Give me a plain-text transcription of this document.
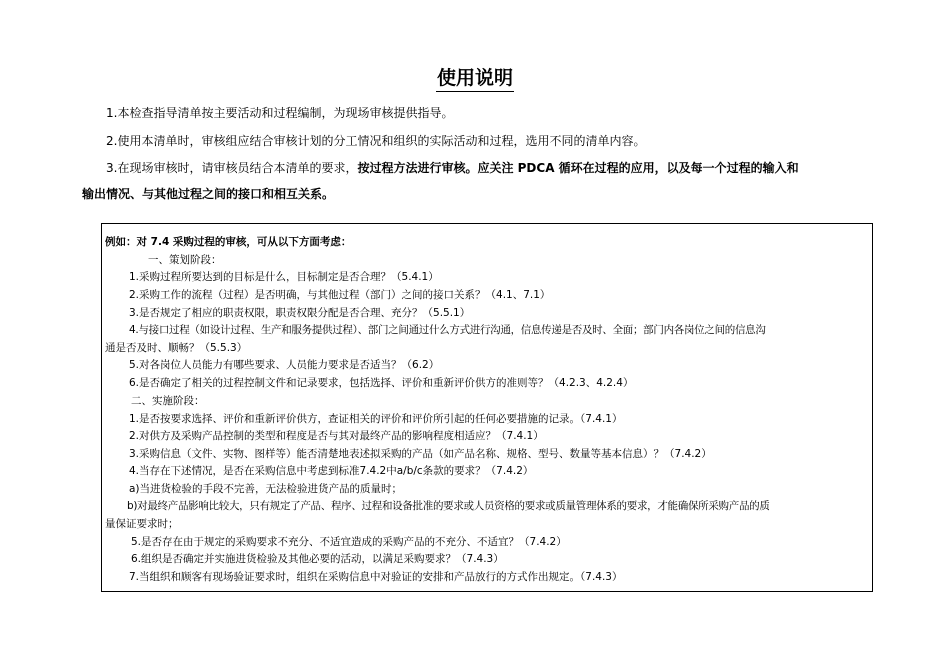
使用说明
1.本检查指导清单按主要活动和过程编制，为现场审核提供指导。
2.使用本清单时，审核组应结合审核计划的分工情况和组织的实际活动和过程，选用不同的清单内容。
3.在现场审核时，请审核员结合本清单的要求，按过程方法进行审核。应关注 PDCA 循环在过程的应用，以及每一个过程的输入和
输出情况、与其他过程之间的接口和相互关系。
例如：对 7.4 采购过程的审核，可从以下方面考虑：
一、策划阶段：
1.采购过程所要达到的目标是什么，目标制定是否合理？（5.4.1）
2.采购工作的流程（过程）是否明确，与其他过程（部门）之间的接口关系？（4.1、7.1）
3.是否规定了相应的职责权限，职责权限分配是否合理、充分？（5.5.1）
4.与接口过程（如设计过程、生产和服务提供过程）、部门之间通过什么方式进行沟通，信息传递是否及时、全面；部门内各岗位之间的信息沟
通是否及时、顺畅？（5.5.3）
5.对各岗位人员能力有哪些要求、人员能力要求是否适当？（6.2）
6.是否确定了相关的过程控制文件和记录要求，包括选择、评价和重新评价供方的准则等？（4.2.3、4.2.4）
二、实施阶段：
1.是否按要求选择、评价和重新评价供方，查证相关的评价和评价所引起的任何必要措施的记录。（7.4.1）
2.对供方及采购产品控制的类型和程度是否与其对最终产品的影响程度相适应？（7.4.1）
3.采购信息（文件、实物、图样等）能否清楚地表述拟采购的产品（如产品名称、规格、型号、数量等基本信息）？（7.4.2）
4.当存在下述情况，是否在采购信息中考虑到标准7.4.2中a/b/c条款的要求？（7.4.2）
a)当进货检验的手段不完善，无法检验进货产品的质量时；
b)对最终产品影响比较大，只有规定了产品、程序、过程和设备批准的要求或人员资格的要求或质量管理体系的要求，才能确保所采购产品的质
量保证要求时；
5.是否存在由于规定的采购要求不充分、不适宜造成的采购产品的不充分、不适宜？（7.4.2）
6.组织是否确定并实施进货检验及其他必要的活动，以满足采购要求？（7.4.3）
7.当组织和顾客有现场验证要求时，组织在采购信息中对验证的安排和产品放行的方式作出规定。（7.4.3）
